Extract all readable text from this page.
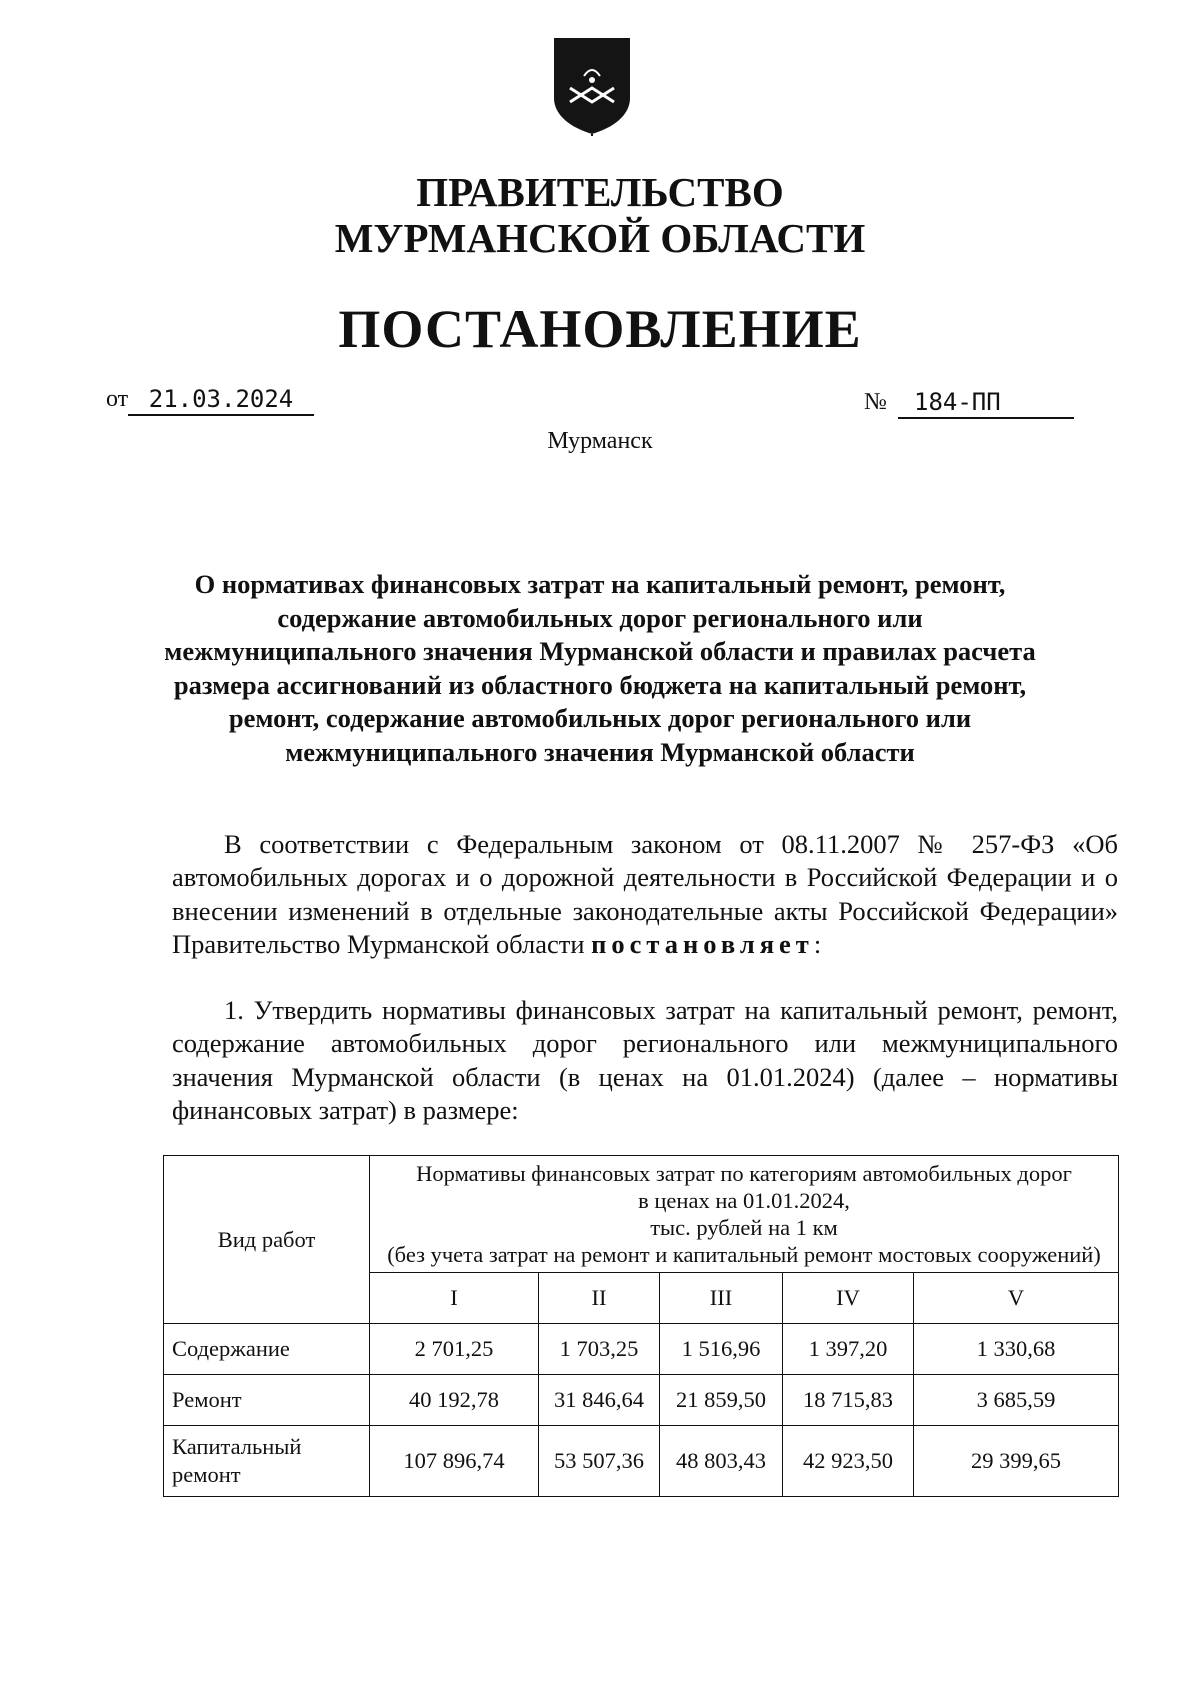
ПРАВИТЕЛЬСТВО
МУРМАНСКОЙ ОБЛАСТИ
ПОСТАНОВЛЕНИЕ
от 21.03.2024	№	184-ПП
Мурманск
О нормативах финансовых затрат на капитальный ремонт, ремонт, содержание автомобильных дорог регионального или межмуниципального значения Мурманской области и правилах расчета размера ассигнований из областного бюджета на капитальный ремонт, ремонт, содержание автомобильных дорог регионального или межмуниципального значения Мурманской области
В соответствии с Федеральным законом от 08.11.2007 № 257-ФЗ «Об автомобильных дорогах и о дорожной деятельности в Российской Федерации и о внесении изменений в отдельные законодательные акты Российской Федерации» Правительство Мурманской области постановляет:
1. Утвердить нормативы финансовых затрат на капитальный ремонт, ремонт, содержание автомобильных дорог регионального или межмуниципального значения Мурманской области (в ценах на 01.01.2024) (далее – нормативы финансовых затрат) в размере:
Вид работ	Нормативы финансовых затрат по категориям автомобильных дорог
в ценах на 01.01.2024,
тыс. рублей на 1 км
(без учета затрат на ремонт и капитальный ремонт мостовых сооружений)				

	I	II	III	IV	V
Содержание	2 701,25	1 703,25	1 516,96	1 397,20	1 330,68
Ремонт	40 192,78	31 846,64	21 859,50	18 715,83	3 685,59
Капитальный ремонт	107 896,74	53 507,36	48 803,43	42 923,50	29 399,65
